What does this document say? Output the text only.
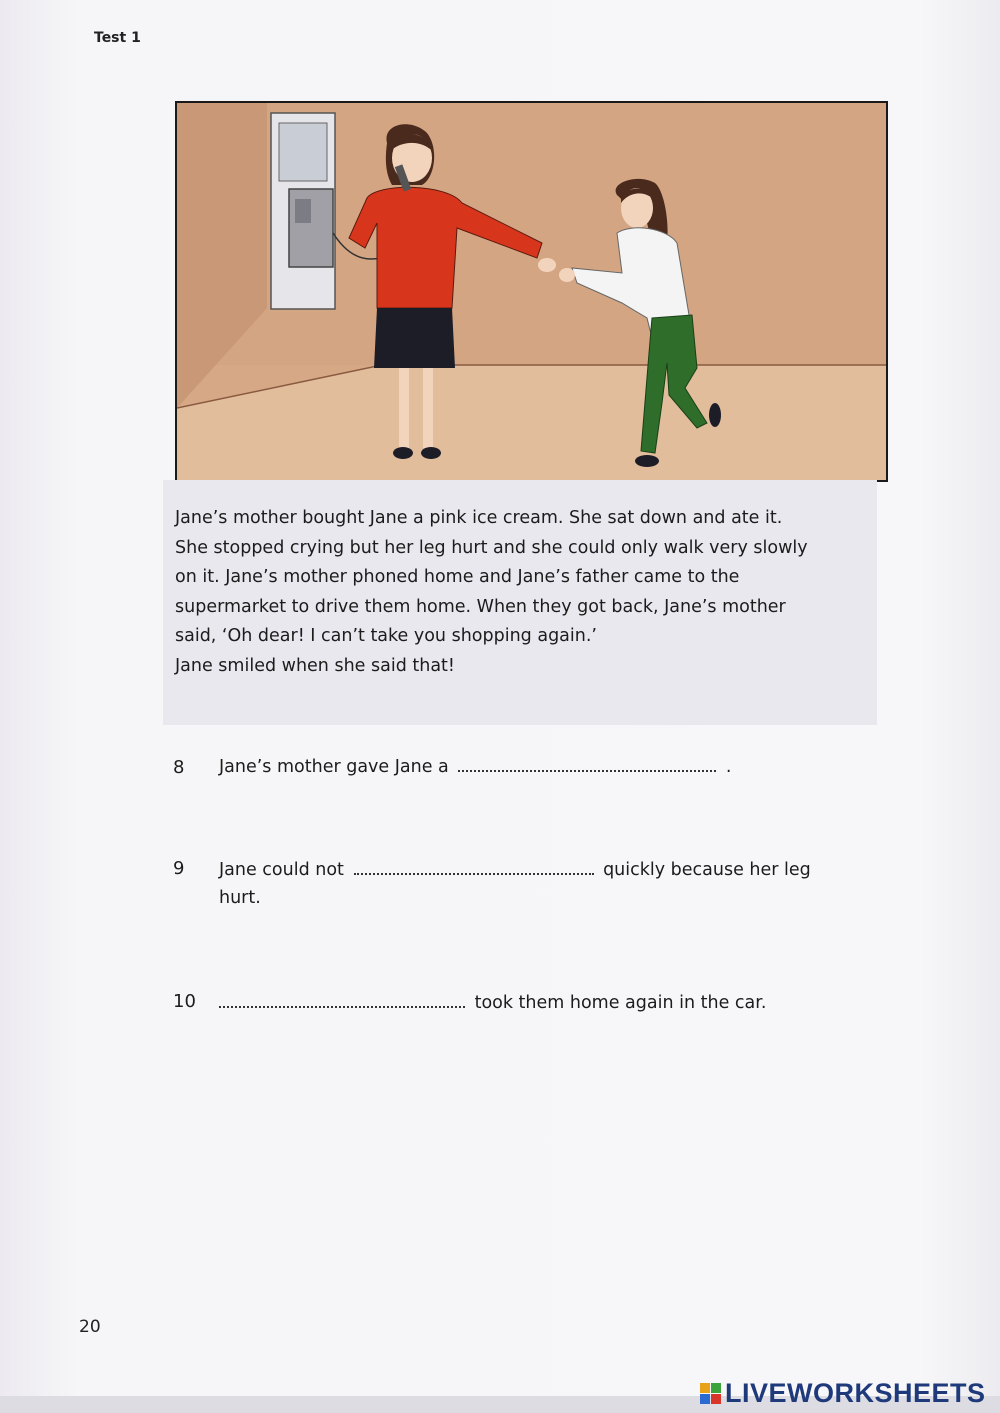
Test 1
Jane’s mother bought Jane a pink ice cream. She sat down and ate it.
She stopped crying but her leg hurt and she could only walk very slowly
on it. Jane’s mother phoned home and Jane’s father came to the
supermarket to drive them home. When they got back, Jane’s mother
said, ‘Oh dear! I can’t take you shopping again.’
Jane smiled when she said that!
8 Jane’s mother gave Jane a	.
9 Jane could not	quickly because her leg
hurt.
10	took them home again in the car.
20
LIVEWORKSHEETS
